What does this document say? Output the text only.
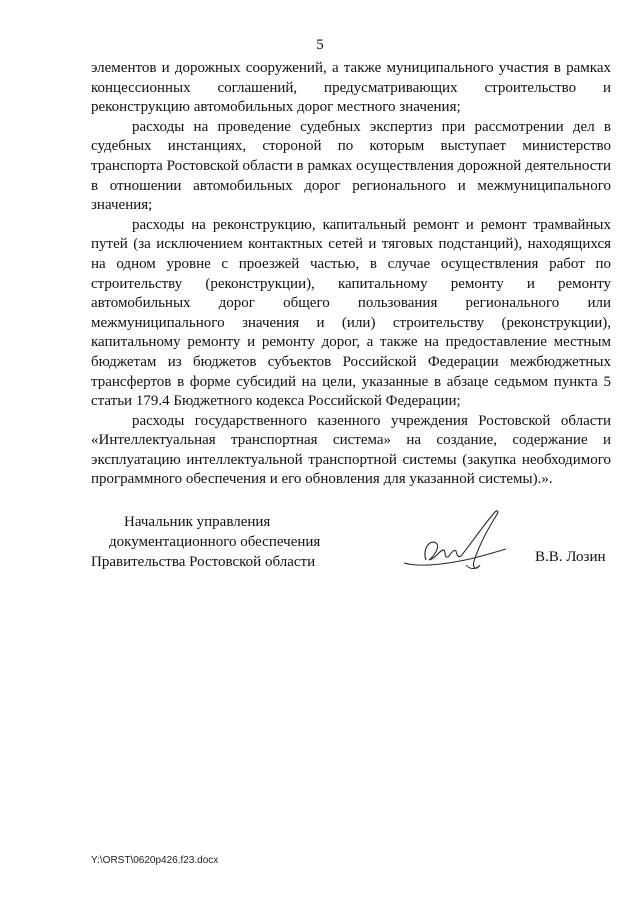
5

элементов и дорожных сооружений, а также муниципального участия в рамках концессионных соглашений, предусматривающих строительство и реконструкцию автомобильных дорог местного значения;

расходы на проведение судебных экспертиз при рассмотрении дел в судебных инстанциях, стороной по которым выступает министерство транспорта Ростовской области в рамках осуществления дорожной деятельности в отношении автомобильных дорог регионального и межмуниципального значения;

расходы на реконструкцию, капитальный ремонт и ремонт трамвайных путей (за исключением контактных сетей и тяговых подстанций), находящихся на одном уровне с проезжей частью, в случае осуществления работ по строительству (реконструкции), капитальному ремонту и ремонту автомобильных дорог общего пользования регионального или межмуниципального значения и (или) строительству (реконструкции), капитальному ремонту и ремонту дорог, а также на предоставление местным бюджетам из бюджетов субъектов Российской Федерации межбюджетных трансфертов в форме субсидий на цели, указанные в абзаце седьмом пункта 5 статьи 179.4 Бюджетного кодекса Российской Федерации;

расходы государственного казенного учреждения Ростовской области «Интеллектуальная транспортная система» на создание, содержание и эксплуатацию интеллектуальной транспортной системы (закупка необходимого программного обеспечения и его обновления для указанной системы).».

Начальник управления
документационного обеспечения
Правительства Ростовской области	В.В. Лозин
Y:\ORST\0620p426.f23.docx
